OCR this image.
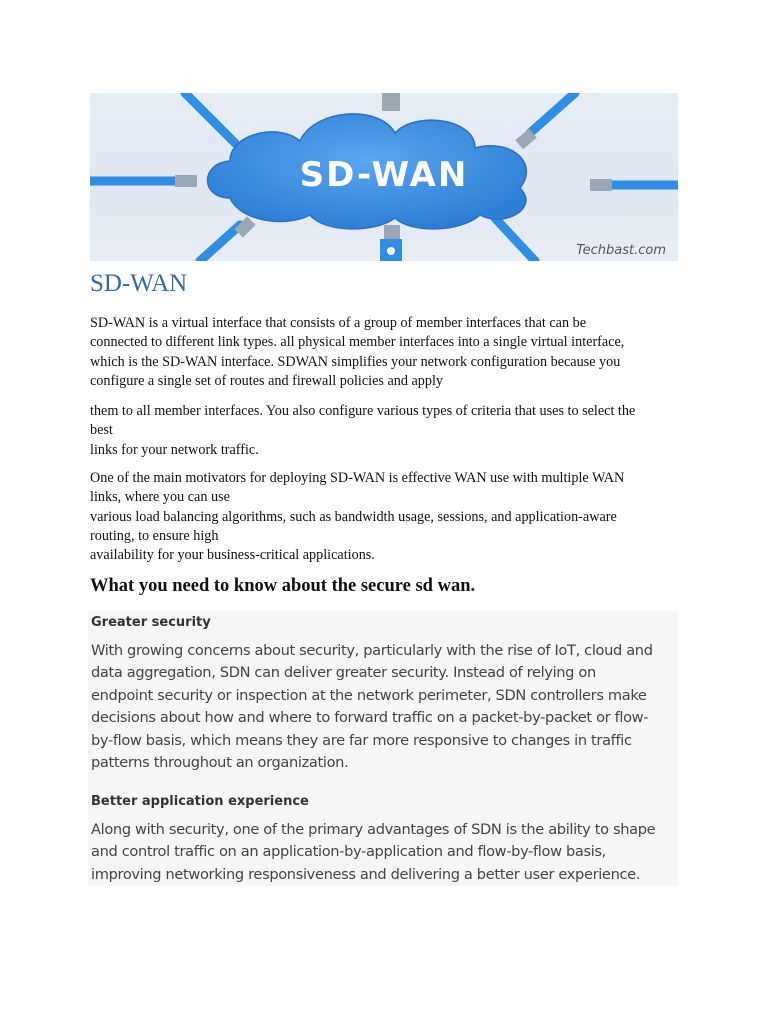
SD-WAN
Techbast.com
SD-WAN
SD-WAN is a virtual interface that consists of a group of member interfaces that can be
connected to different link types. all physical member interfaces into a single virtual interface,
which is the SD-WAN interface. SDWAN simplifies your network configuration because you
configure a single set of routes and firewall policies and apply
them to all member interfaces. You also configure various types of criteria that uses to select the
best
links for your network traffic.
One of the main motivators for deploying SD-WAN is effective WAN use with multiple WAN
links, where you can use
various load balancing algorithms, such as bandwidth usage, sessions, and application-aware
routing, to ensure high
availability for your business-critical applications.
What you need to know about the secure sd wan.
Greater security
With growing concerns about security, particularly with the rise of IoT, cloud and
data aggregation, SDN can deliver greater security. Instead of relying on
endpoint security or inspection at the network perimeter, SDN controllers make
decisions about how and where to forward traffic on a packet-by-packet or flow-
by-flow basis, which means they are far more responsive to changes in traffic
patterns throughout an organization.
Better application experience
Along with security, one of the primary advantages of SDN is the ability to shape
and control traffic on an application-by-application and flow-by-flow basis,
improving networking responsiveness and delivering a better user experience.
